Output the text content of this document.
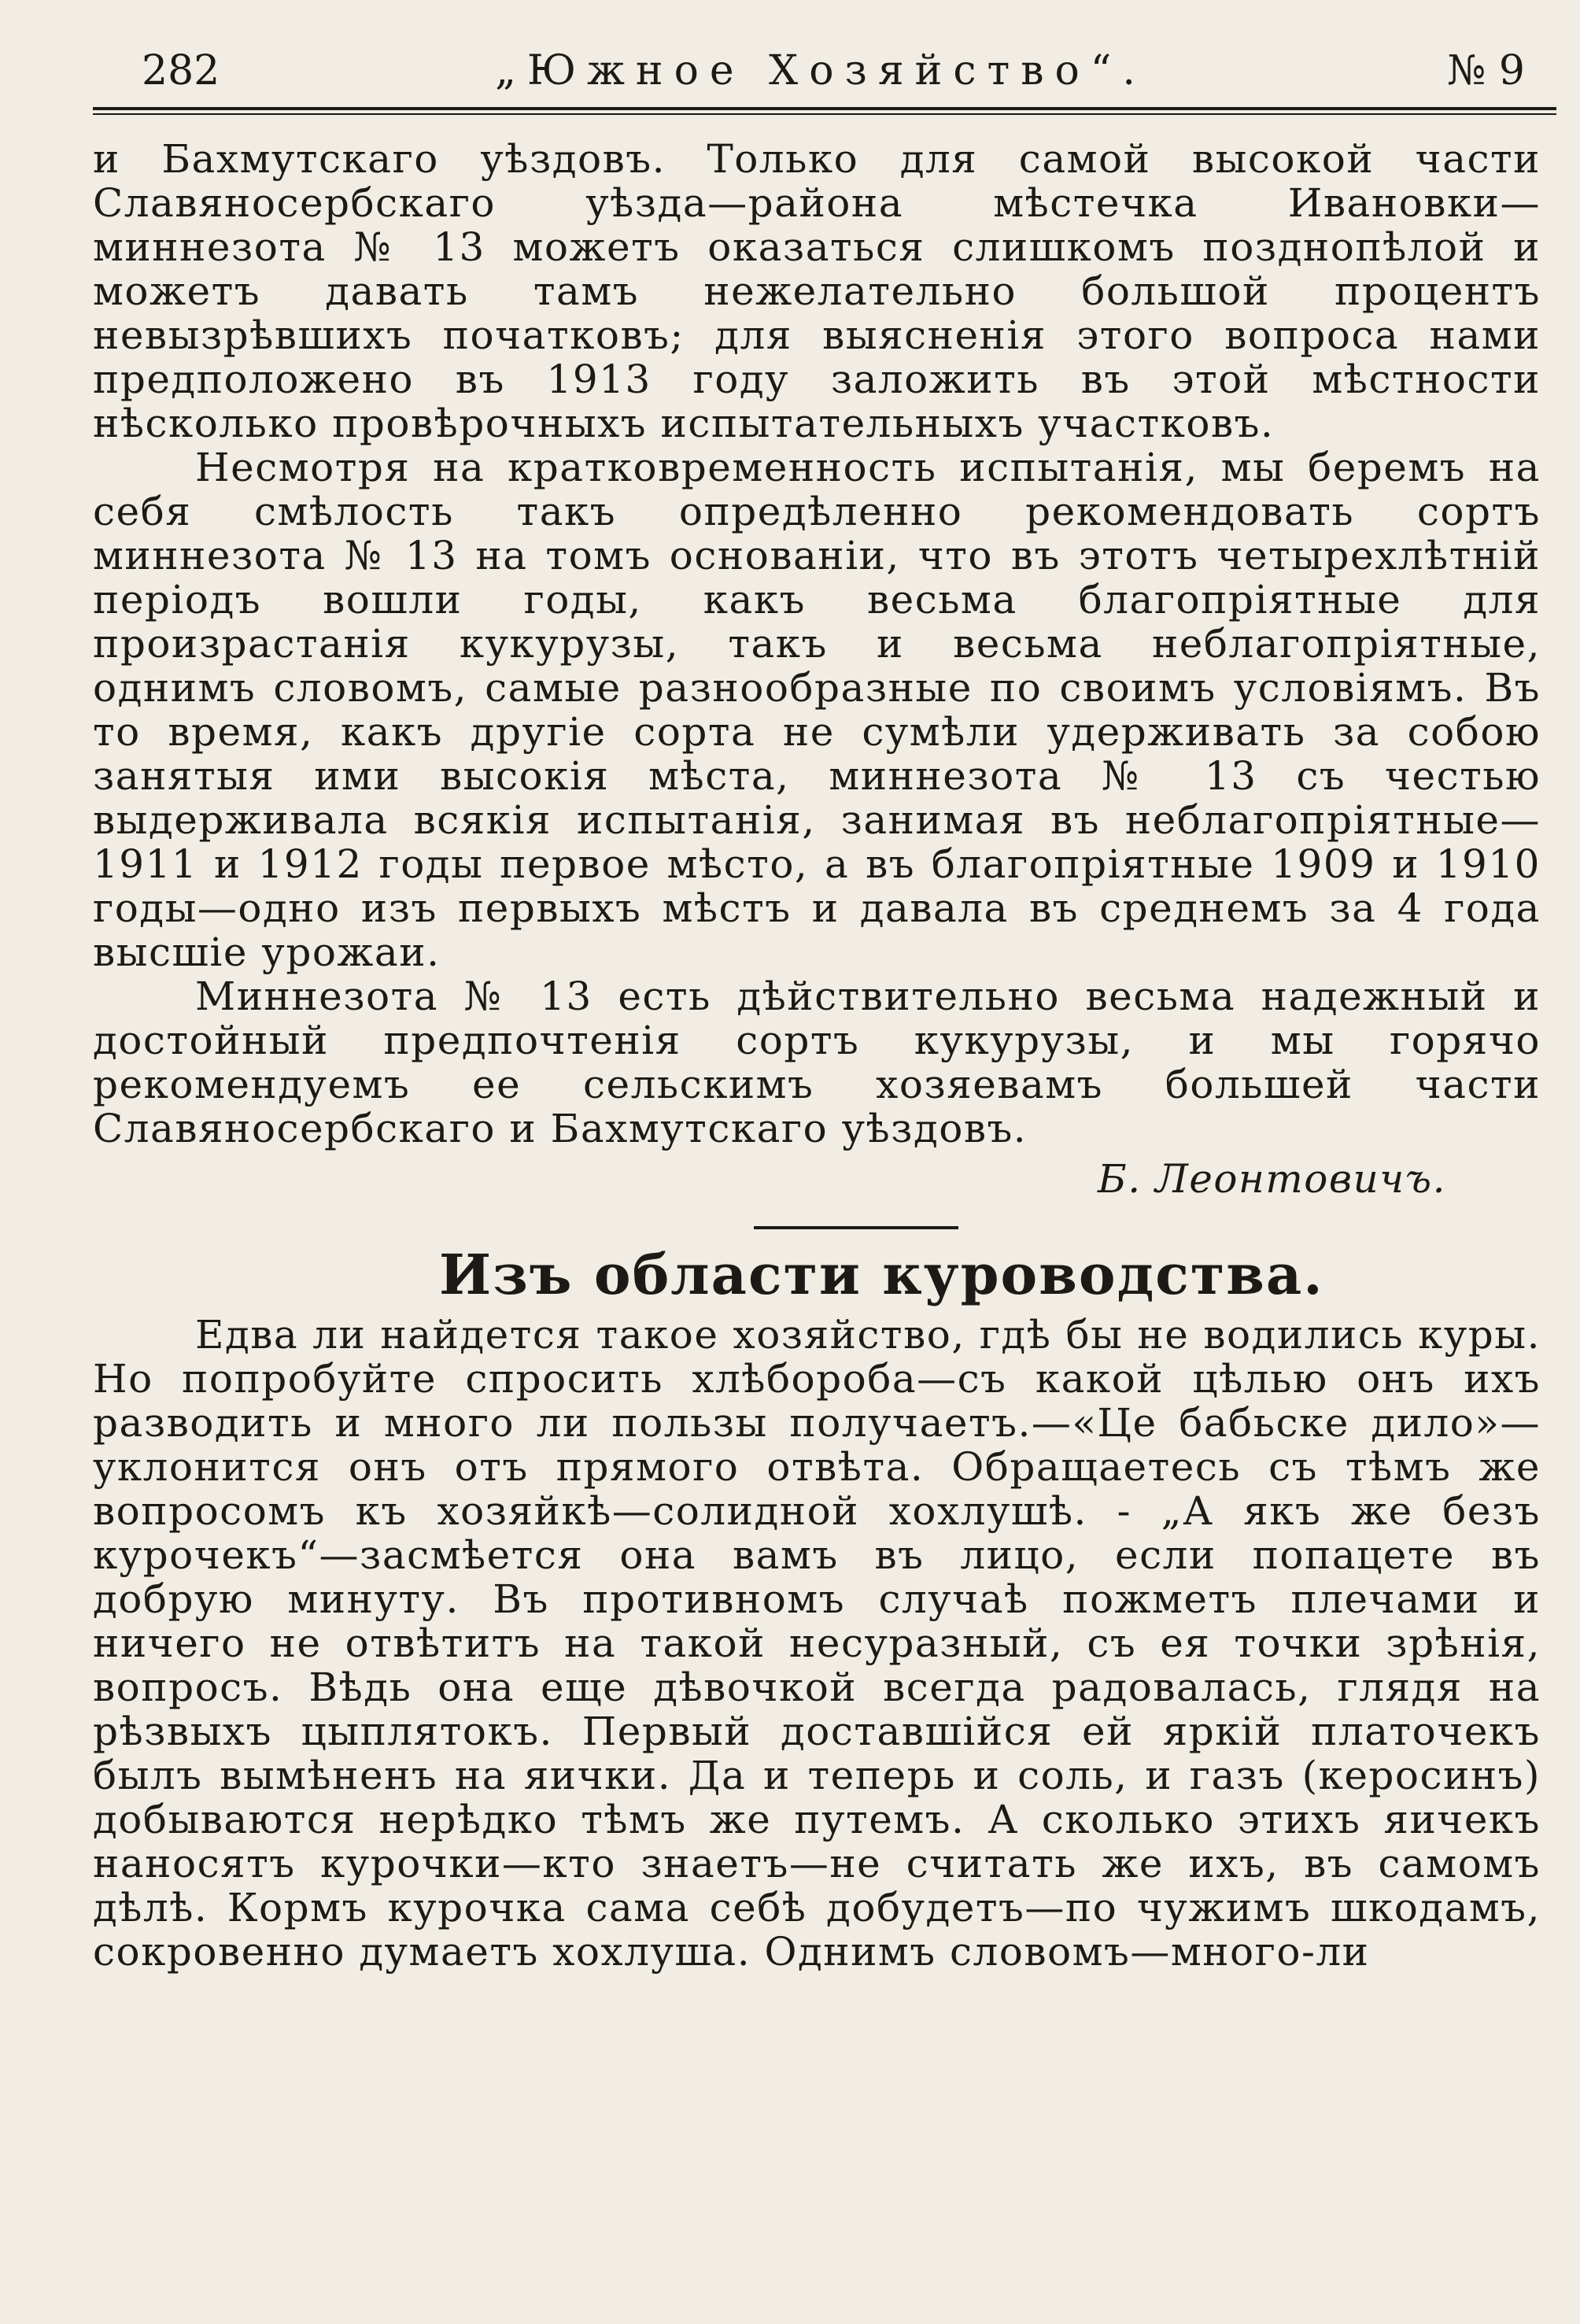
282	„Южное Хозяйство“.	№ 9

и Бахмутскаго уѣздовъ. Только для самой высокой части Славяносербскаго уѣзда—района мѣстечка Ивановки—миннезота № 13 можетъ оказаться слишкомъ позднопѣлой и можетъ давать тамъ нежелательно большой процентъ невызрѣвшихъ початковъ; для выясненія этого вопроса нами предположено въ 1913 году заложить въ этой мѣстности нѣсколько провѣрочныхъ испытательныхъ участковъ.

Несмотря на кратковременность испытанія, мы беремъ на себя смѣлость такъ опредѣленно рекомендовать сортъ миннезота № 13 на томъ основаніи, что въ этотъ четырехлѣтній періодъ вошли годы, какъ весьма благопріятные для произрастанія кукурузы, такъ и весьма неблагопріятные, однимъ словомъ, самые разнообразные по своимъ условіямъ. Въ то время, какъ другіе сорта не сумѣли удерживать за собою занятыя ими высокія мѣста, миннезота № 13 съ честью выдерживала всякія испытанія, занимая въ неблагопріятные—1911 и 1912 годы первое мѣсто, а въ благопріятные 1909 и 1910 годы—одно изъ первыхъ мѣстъ и давала въ среднемъ за 4 года высшіе урожаи.

Миннезота № 13 есть дѣйствительно весьма надежный и достойный предпочтенія сортъ кукурузы, и мы горячо рекомендуемъ ее сельскимъ хозяевамъ большей части Славяносербскаго и Бахмутскаго уѣздовъ.

Б. Леонтовичъ.
Изъ области куроводства.

Едва ли найдется такое хозяйство, гдѣ бы не водились куры. Но попробуйте спросить хлѣбороба—съ какой цѣлью онъ ихъ разводить и много ли пользы получаетъ.—«Це бабьске дило»—уклонится онъ отъ прямого отвѣта. Обращаетесь съ тѣмъ же вопросомъ къ хозяйкѣ—солидной хохлушѣ. - „А якъ же безъ курочекъ“—засмѣется она вамъ въ лицо, если попацете въ добрую минуту. Въ противномъ случаѣ пожметъ плечами и ничего не отвѣтитъ на такой несуразный, съ ея точки зрѣнія, вопросъ. Вѣдь она еще дѣвочкой всегда радовалась, глядя на рѣзвыхъ цыплятокъ. Первый доставшійся ей яркій платочекъ былъ вымѣненъ на яички. Да и теперь и соль, и газъ (керосинъ) добываются нерѣдко тѣмъ же путемъ. А сколько этихъ яичекъ наносятъ курочки—кто знаетъ—не считать же ихъ, въ самомъ дѣлѣ. Кормъ курочка сама себѣ добудетъ—по чужимъ шкодамъ, сокровенно думаетъ хохлуша. Однимъ словомъ—много-ли
